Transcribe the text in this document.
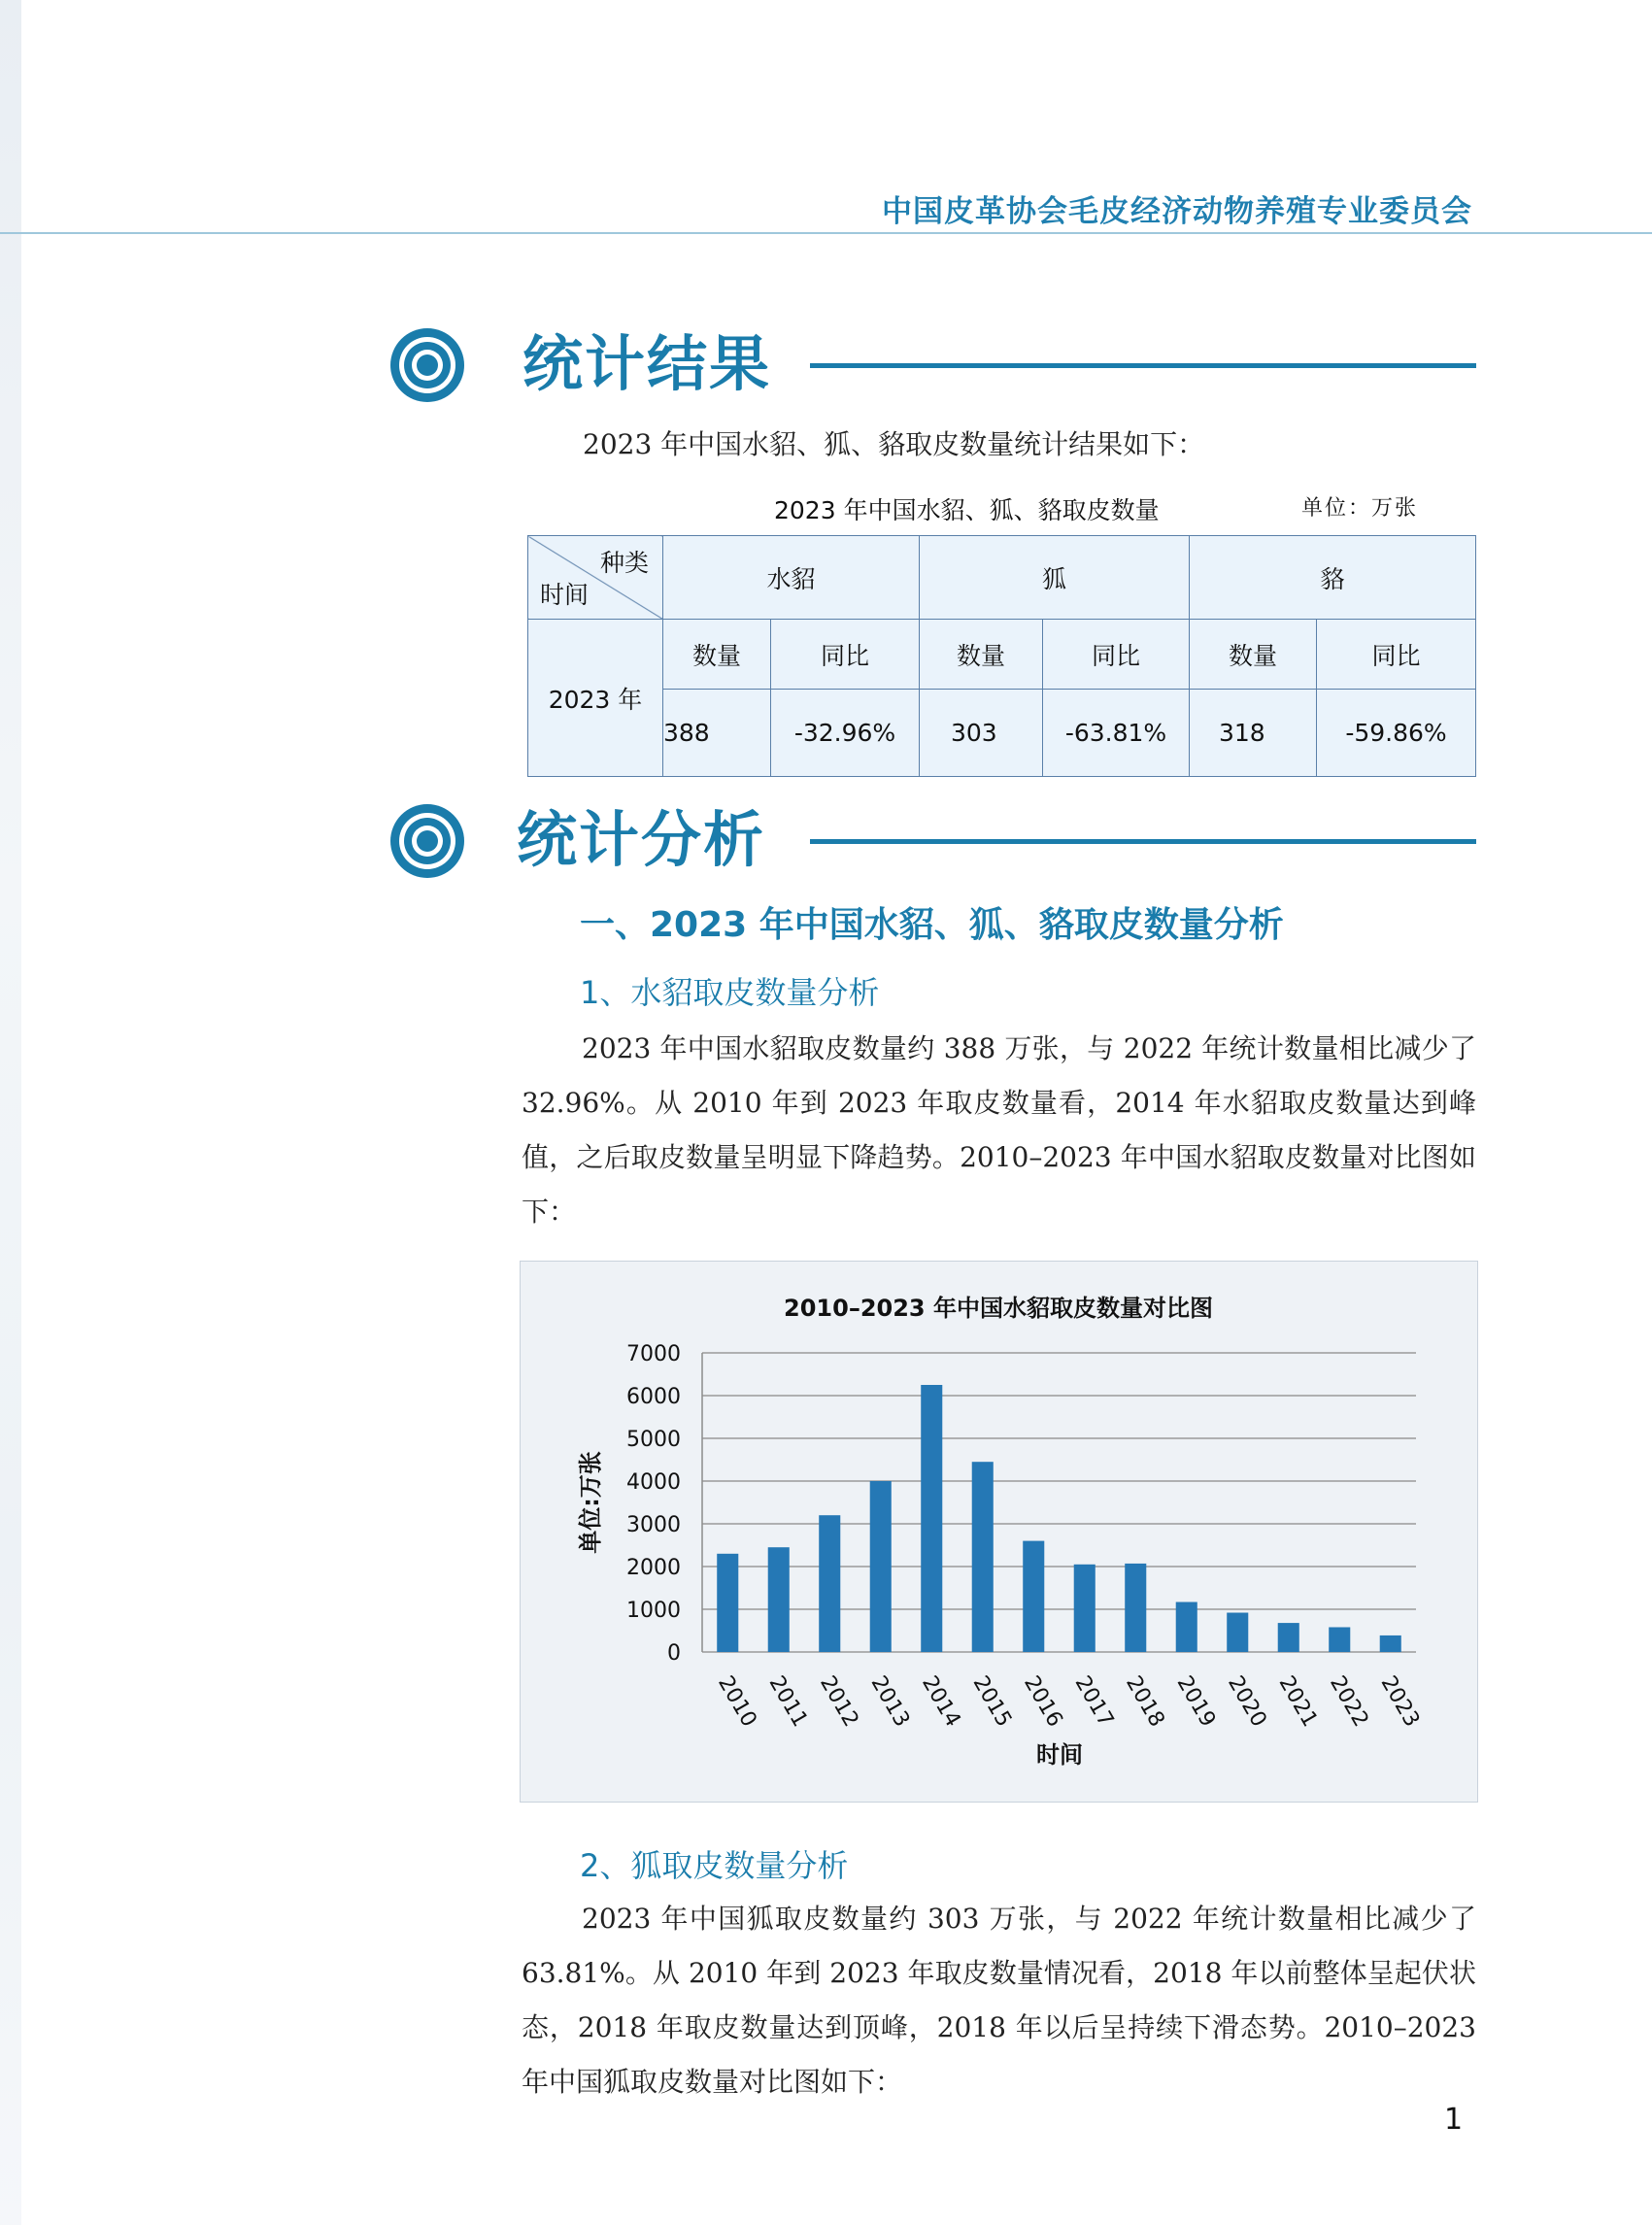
中国皮革协会毛皮经济动物养殖专业委员会
统计结果
2023 年中国水貂、狐、貉取皮数量统计结果如下：
2023 年中国水貂、狐、貉取皮数量	单位：万张
种类
时间	水貂		狐		貉	
2023 年	数量	同比	数量	同比	数量	同比
	388	-32.96%	303	-63.81%	318	-59.86%
统计分析
一、2023 年中国水貂、狐、貉取皮数量分析
1、水貂取皮数量分析
2023 年中国水貂取皮数量约 388 万张，与 2022 年统计数量相比减少了 32.96%。从 2010 年到 2023 年取皮数量看，2014 年水貂取皮数量达到峰值，之后取皮数量呈明显下降趋势。2010–2023 年中国水貂取皮数量对比图如下：
2010–2023 年中国水貂取皮数量对比图
0
1000
2000
3000
4000
5000
6000
7000
2010 2011 2012 2013 2014 2015 2016 2017 2018 2019 2020 2021 2022 2023
时间
单位:万张
2、狐取皮数量分析
2023 年中国狐取皮数量约 303 万张，与 2022 年统计数量相比减少了 63.81%。从 2010 年到 2023 年取皮数量情况看，2018 年以前整体呈起伏状态，2018 年取皮数量达到顶峰，2018 年以后呈持续下滑态势。2010–2023 年中国狐取皮数量对比图如下：
1
